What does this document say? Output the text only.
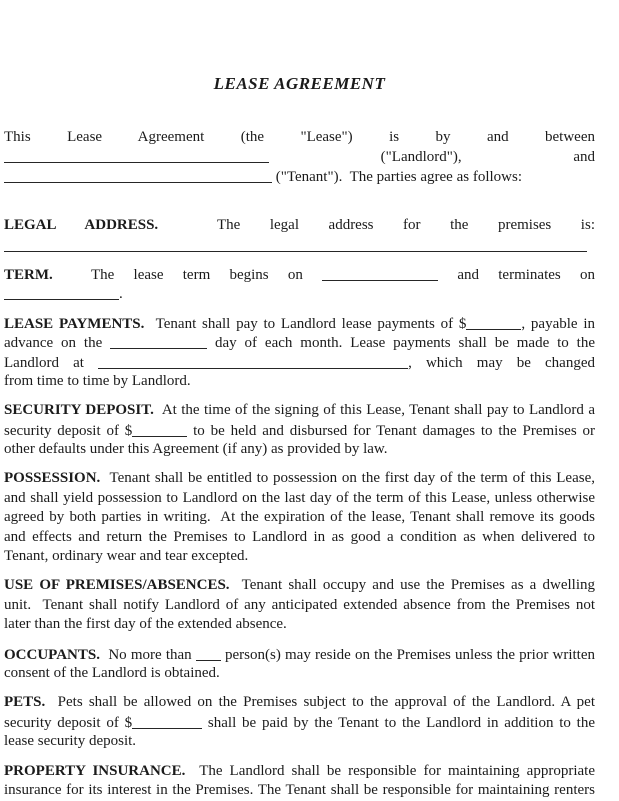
LEASE AGREEMENT
This Lease Agreement (the "Lease") is by and between
("Landlord"), and
("Tenant").  The parties agree as follows:
LEGAL ADDRESS.  The legal address for the premises is:
TERM.  The lease term begins on	and terminates on
.
LEASE PAYMENTS.  Tenant shall pay to Landlord lease payments of $	, payable in
advance on the	day of each month. Lease payments shall be made to the
Landlord at	, which may be changed
from time to time by Landlord.
SECURITY DEPOSIT.  At the time of the signing of this Lease, Tenant shall pay to Landlord a
security deposit of $	to be held and disbursed for Tenant damages to the Premises or
other defaults under this Agreement (if any) as provided by law.
POSSESSION.  Tenant shall be entitled to possession on the first day of the term of this Lease,
and shall yield possession to Landlord on the last day of the term of this Lease, unless otherwise
agreed by both parties in writing.  At the expiration of the lease, Tenant shall remove its goods
and effects and return the Premises to Landlord in as good a condition as when delivered to
Tenant, ordinary wear and tear excepted.
USE OF PREMISES/ABSENCES.  Tenant shall occupy and use the Premises as a dwelling
unit.  Tenant shall notify Landlord of any anticipated extended absence from the Premises not
later than the first day of the extended absence.
OCCUPANTS.  No more than  person(s) may reside on the Premises unless the prior written
consent of the Landlord is obtained.
PETS.  Pets shall be allowed on the Premises subject to the approval of the Landlord. A pet
security deposit of $	shall be paid by the Tenant to the Landlord in addition to the
lease security deposit.
PROPERTY INSURANCE.  The Landlord shall be responsible for maintaining appropriate
insurance for its interest in the Premises. The Tenant shall be responsible for maintaining renters
